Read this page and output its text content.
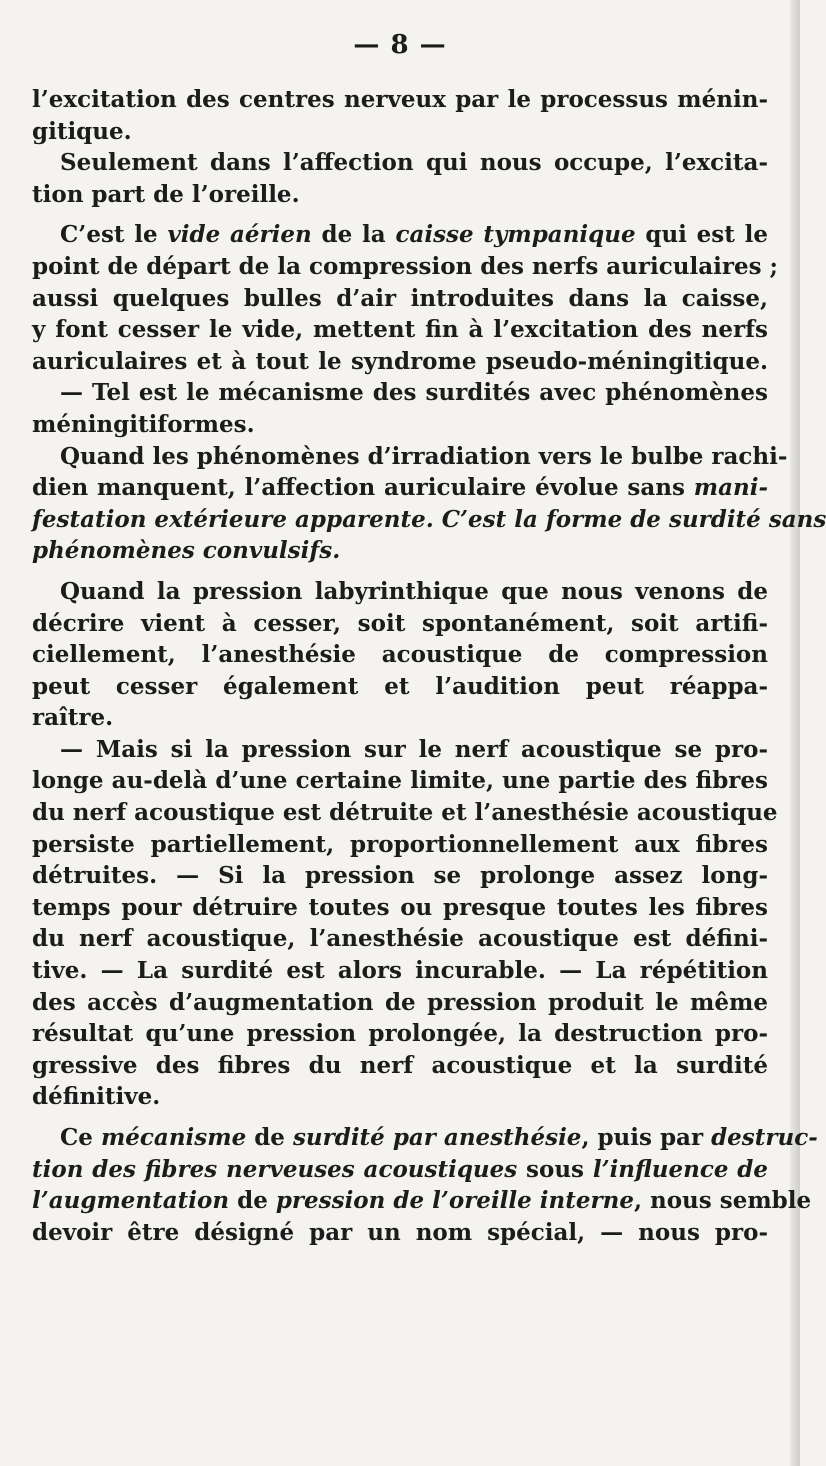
— 8 —
l’excitation des centres nerveux par le processus ménin-
gitique.
Seulement dans l’affection qui nous occupe, l’excita-
tion part de l’oreille.
C’est le vide aérien de la caisse tympanique qui est le
point de départ de la compression des nerfs auriculaires ;
aussi quelques bulles d’air introduites dans la caisse,
y font cesser le vide, mettent fin à l’excitation des nerfs
auriculaires et à tout le syndrome pseudo-méningitique.
— Tel est le mécanisme des surdités avec phénomènes
méningitiformes.
Quand les phénomènes d’irradiation vers le bulbe rachi-
dien manquent, l’affection auriculaire évolue sans mani-
festation extérieure apparente. C’est la forme de surdité sans
phénomènes convulsifs.
Quand la pression labyrinthique que nous venons de
décrire vient à cesser, soit spontanément, soit artifi-
ciellement, l’anesthésie acoustique de compression
peut cesser également et l’audition peut réappa-
raître.
— Mais si la pression sur le nerf acoustique se pro-
longe au-delà d’une certaine limite, une partie des fibres
du nerf acoustique est détruite et l’anesthésie acoustique
persiste partiellement, proportionnellement aux fibres
détruites. — Si la pression se prolonge assez long-
temps pour détruire toutes ou presque toutes les fibres
du nerf acoustique, l’anesthésie acoustique est défini-
tive. — La surdité est alors incurable. — La répétition
des accès d’augmentation de pression produit le même
résultat qu’une pression prolongée, la destruction pro-
gressive des fibres du nerf acoustique et la surdité
définitive.
Ce mécanisme de surdité par anesthésie, puis par destruc-
tion des fibres nerveuses acoustiques sous l’influence de
l’augmentation de pression de l’oreille interne, nous semble
devoir être désigné par un nom spécial, — nous pro-
